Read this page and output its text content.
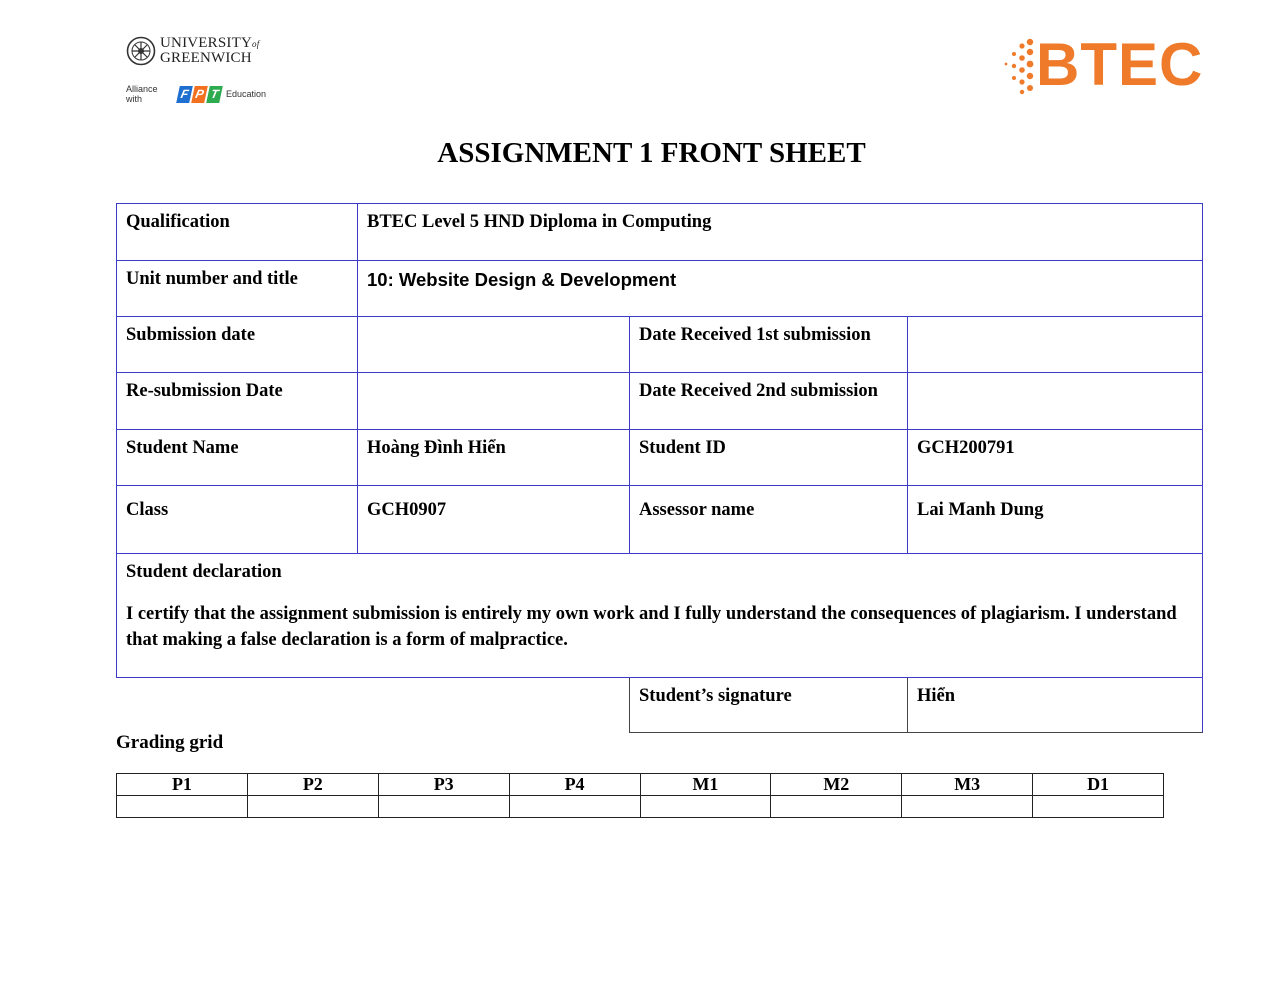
UNIVERSITYof
GREENWICH
Alliance with	F P T Education	BTEC
ASSIGNMENT 1 FRONT SHEET
Qualification	BTEC Level 5 HND Diploma in Computing		
Unit number and title	10: Website Design & Development		
Submission date		Date Received 1st submission	
Re-submission Date		Date Received 2nd submission	
Student Name	Hoàng Đình Hiển	Student ID	GCH200791
Class	GCH0907	Assessor name	Lai Manh Dung

Student declaration
I certify that the assignment submission is entirely my own work and I fully understand the consequences of plagiarism. I understand that making a false declaration is a form of malpractice.			

		Student’s signature	Hiển
Grading grid
P1	P2	P3	P4	M1	M2	M3	D1
